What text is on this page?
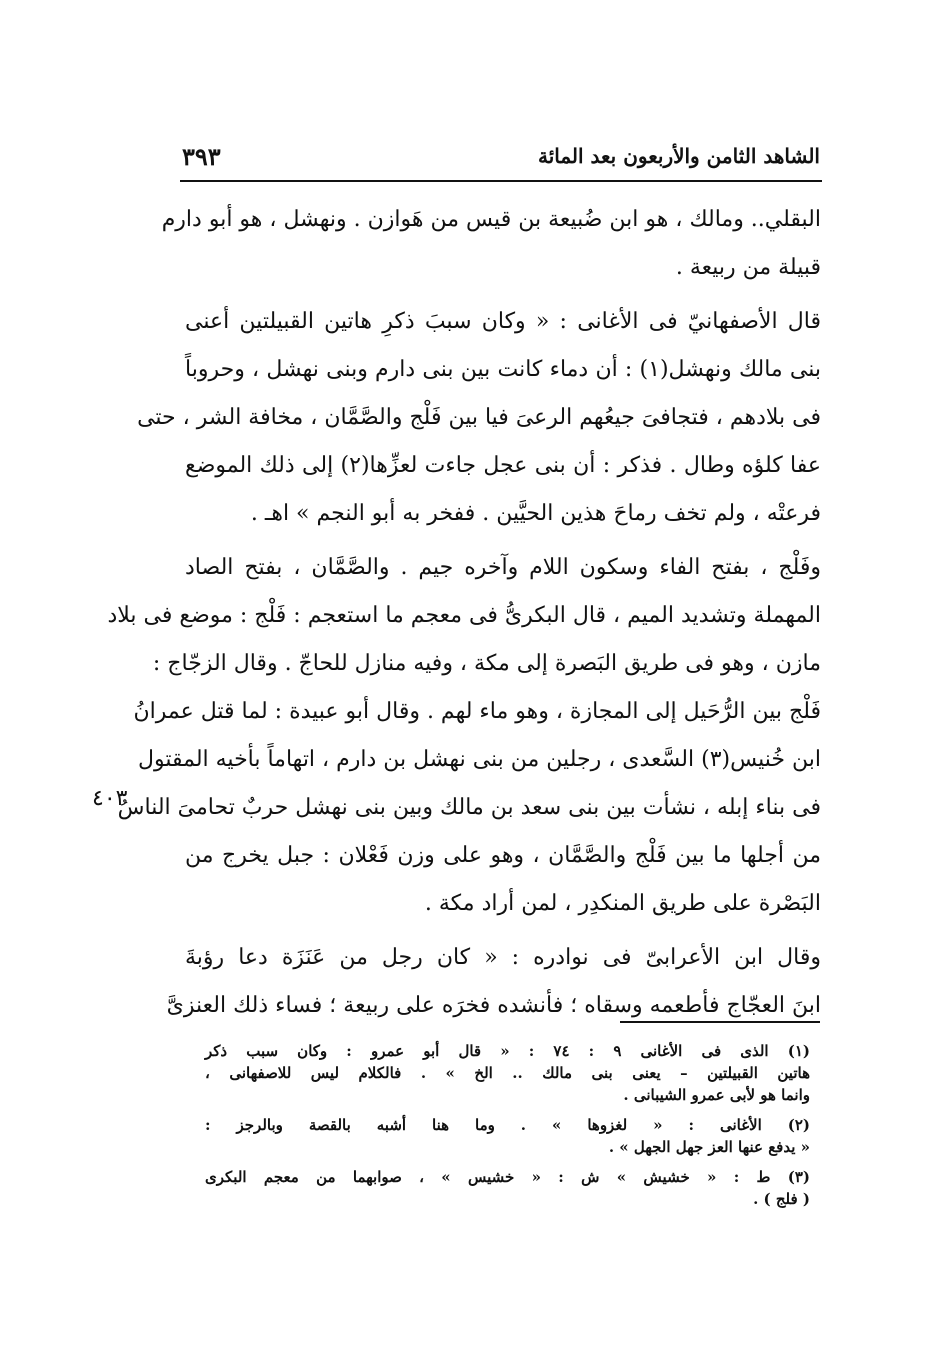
الشاهد الثامن والأربعون بعد المائة
٣٩٣
البقلي.. ومالك ، هو ابن ضُبيعة بن قيس من هَوازن . ونهشل ، هو أبو دارم
قبيلة من ربيعة .
قال الأصفهانيّ فى الأغانى : « وكان سببَ ذكرِ هاتين القبيلتين أعنى
بنى مالك ونهشل(١) : أن دماء كانت بين بنى دارم وبنى نهشل ، وحروباً
فى بلادهم ، فتجافىَ جيعُهم الرعىَ فيا بين فَلْج والصَّمَّان ، مخافة الشر ، حتى
عفا كلؤه وطال . فذكر : أن بنى عجل جاءت لعزِّها(٢) إلى ذلك الموضع
فرعتْه ، ولم تخف رماحَ هذين الحيَّين . ففخر به أبو النجم » اهـ .
وفَلْج ، بفتح الفاء وسكون اللام وآخره جيم . والصَّمَّان ، بفتح الصاد
المهملة وتشديد الميم ، قال البكرىُّ فى معجم ما استعجم : فَلْج : موضع فى بلاد
مازن ، وهو فى طريق البَصرة إلى مكة ، وفيه منازل للحاجّ . وقال الزجّاج :
فَلْج بين الرُّحَيل إلى المجازة ، وهو ماء لهم . وقال أبو عبيدة : لما قتل عمرانُ
ابن خُنيس(٣) السَّعدى ، رجلين من بنى نهشل بن دارم ، اتهاماً بأخيه المقتول
فى بناء إبله ، نشأت بين بنى سعد بن مالك وبين بنى نهشل حربٌ تحامىَ الناسُ
من أجلها ما بين فَلْج والصَّمَّان ، وهو على وزن فَعْلان : جبل يخرج من
البَصْرة على طريق المنكدِر ، لمن أراد مكة .
وقال ابن الأعرابىّ فى نوادره : « كان رجل من عَنَزَة دعا رؤبةَ
ابنَ العجّاج فأطعمه وسقاه ؛ فأنشده فخرَه على ربيعة ؛ فساء ذلك العنزىَّ
٤٠٣
(١) الذى فى الأغانى ٩ : ٧٤ : « قال أبو عمرو : وكان سبب ذكر
هاتين القبيلتين – يعنى بنى مالك .. الخ » . فالكلام ليس للاصفهانى ،
وانما هو لأبى عمرو الشيبانى .
(٢) الأغانى : « لغزوها » . وما هنا أشبه بالقصة وبالرجز :
« يدفع عنها العز جهل الجهل » .
(٣) ط : « خشيش » ش : « خشيس » ، صوابهما من معجم البكرى
( فلج ) .
